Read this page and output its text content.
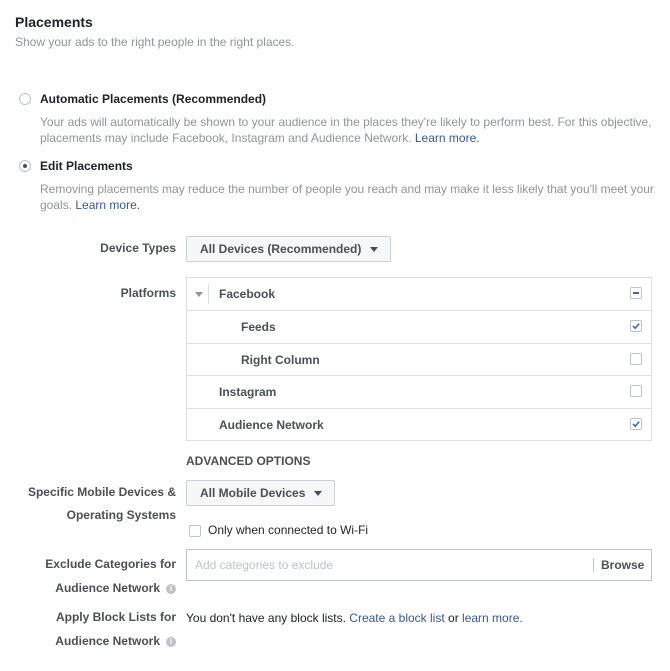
Placements
Show your ads to the right people in the right places.
Automatic Placements (Recommended)
Your ads will automatically be shown to your audience in the places they're likely to perform best. For this objective, placements may include Facebook, Instagram and Audience Network. Learn more.
Edit Placements
Removing placements may reduce the number of people you reach and may make it less likely that you'll meet your goals. Learn more.
Device Types All Devices (Recommended)
Platforms	Facebook
Feeds
Right Column
Instagram
Audience Network
ADVANCED OPTIONS
Specific Mobile Devices &
Operating Systems
All Mobile Devices
Only when connected to Wi-Fi
Exclude Categories for
Audience Network i
Add categories to exclude
Browse
Apply Block Lists for
Audience Network i
You don't have any block lists. Create a block list or learn more.
